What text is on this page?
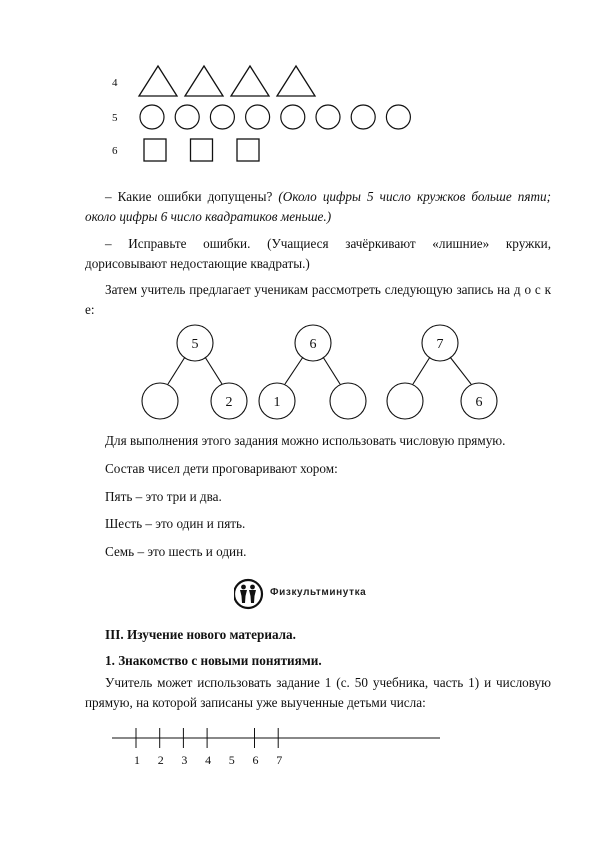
4
5
6
5
2
6
1
7
6
1 2 3 4 5 6 7

– Какие ошибки допущены? (Около цифры 5 число кружков больше пяти; около цифры 6 число квадратиков меньше.)

– Исправьте ошибки. (Учащиеся зачёркивают «лишние» кружки, дорисовывают недостающие квадраты.)

Затем учитель предлагает ученикам рассмотреть следующую запись на д о с к е:

Для выполнения этого задания можно использовать числовую прямую.

Состав чисел дети проговаривают хором:

Пять – это три и два.

Шесть – это один и пять.

Семь – это шесть и один.

Физкультминутка

III. Изучение нового материала.

1. Знакомство с новыми понятиями.

Учитель может использовать задание 1 (с. 50 учебника, часть 1) и числовую прямую, на которой записаны уже выученные детьми числа:
